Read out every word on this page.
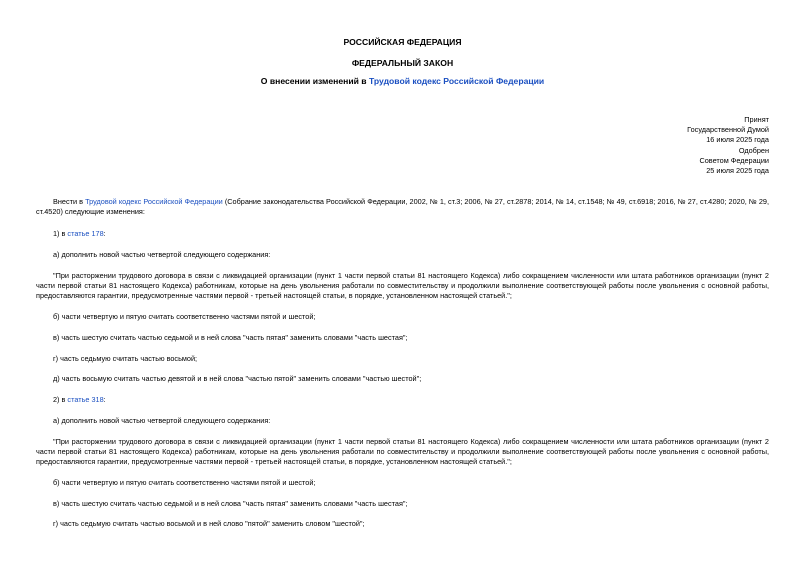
РОССИЙСКАЯ ФЕДЕРАЦИЯ
ФЕДЕРАЛЬНЫЙ ЗАКОН
О внесении изменений в Трудовой кодекс Российской Федерации
Принят
Государственной Думой
16 июля 2025 года
Одобрен
Советом Федерации
25 июля 2025 года
Внести в Трудовой кодекс Российской Федерации (Собрание законодательства Российской Федерации, 2002, № 1, ст.3; 2006, № 27, ст.2878; 2014, № 14, ст.1548; № 49, ст.6918; 2016, № 27, ст.4280; 2020, № 29, ст.4520) следующие изменения:
1) в статье 178:
а) дополнить новой частью четвертой следующего содержания:
"При расторжении трудового договора в связи с ликвидацией организации (пункт 1 части первой статьи 81 настоящего Кодекса) либо сокращением численности или штата работников организации (пункт 2 части первой статьи 81 настоящего Кодекса) работникам, которые на день увольнения работали по совместительству и продолжили выполнение соответствующей работы после увольнения с основной работы, предоставляются гарантии, предусмотренные частями первой - третьей настоящей статьи, в порядке, установленном настоящей статьей.";
б) части четвертую и пятую считать соответственно частями пятой и шестой;
в) часть шестую считать частью седьмой и в ней слова "часть пятая" заменить словами "часть шестая";
г) часть седьмую считать частью восьмой;
д) часть восьмую считать частью девятой и в ней слова "частью пятой" заменить словами "частью шестой";
2) в статье 318:
а) дополнить новой частью четвертой следующего содержания:
"При расторжении трудового договора в связи с ликвидацией организации (пункт 1 части первой статьи 81 настоящего Кодекса) либо сокращением численности или штата работников организации (пункт 2 части первой статьи 81 настоящего Кодекса) работникам, которые на день увольнения работали по совместительству и продолжили выполнение соответствующей работы после увольнения с основной работы, предоставляются гарантии, предусмотренные частями первой - третьей настоящей статьи, в порядке, установленном настоящей статьей.";
б) части четвертую и пятую считать соответственно частями пятой и шестой;
в) часть шестую считать частью седьмой и в ней слова "часть пятая" заменить словами "часть шестая";
г) часть седьмую считать частью восьмой и в ней слово "пятой" заменить словом "шестой";
